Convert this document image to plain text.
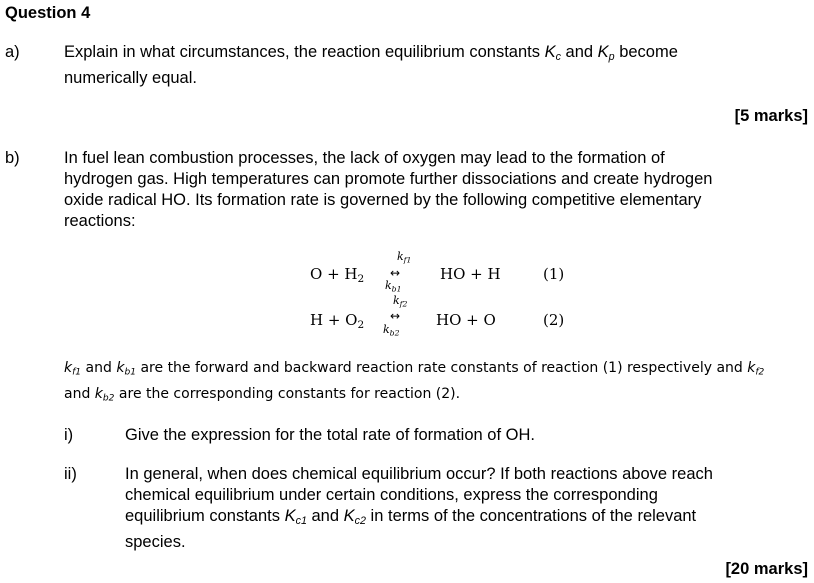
Question 4
a)	Explain in what circumstances, the reaction equilibrium constants $K_c$ and $K_p$ become
numerically equal.
[5 marks]
b)	In fuel lean combustion processes, the lack of oxygen may lead to the formation of
hydrogen gas. High temperatures can promote further dissociations and create hydrogen
oxide radical HO. Its formation rate is governed by the following competitive elementary
reactions:
$O + H_2$
$k_{f1}$
↔
$k_{b1}$
HO + H	(1)
$H + O_2$
$k_{f2}$
↔
$k_{b2}$
HO + O	(2)
$k_{f1}$ and $k_{b1}$ are the forward and backward reaction rate constants of reaction (1) respectively and $k_{f2}$
and $k_{b2}$ are the corresponding constants for reaction (2).
i)	Give the expression for the total rate of formation of OH.
ii)	In general, when does chemical equilibrium occur? If both reactions above reach
chemical equilibrium under certain conditions, express the corresponding
equilibrium constants $K_{c1}$ and $K_{c2}$ in terms of the concentrations of the relevant
species.
[20 marks]
